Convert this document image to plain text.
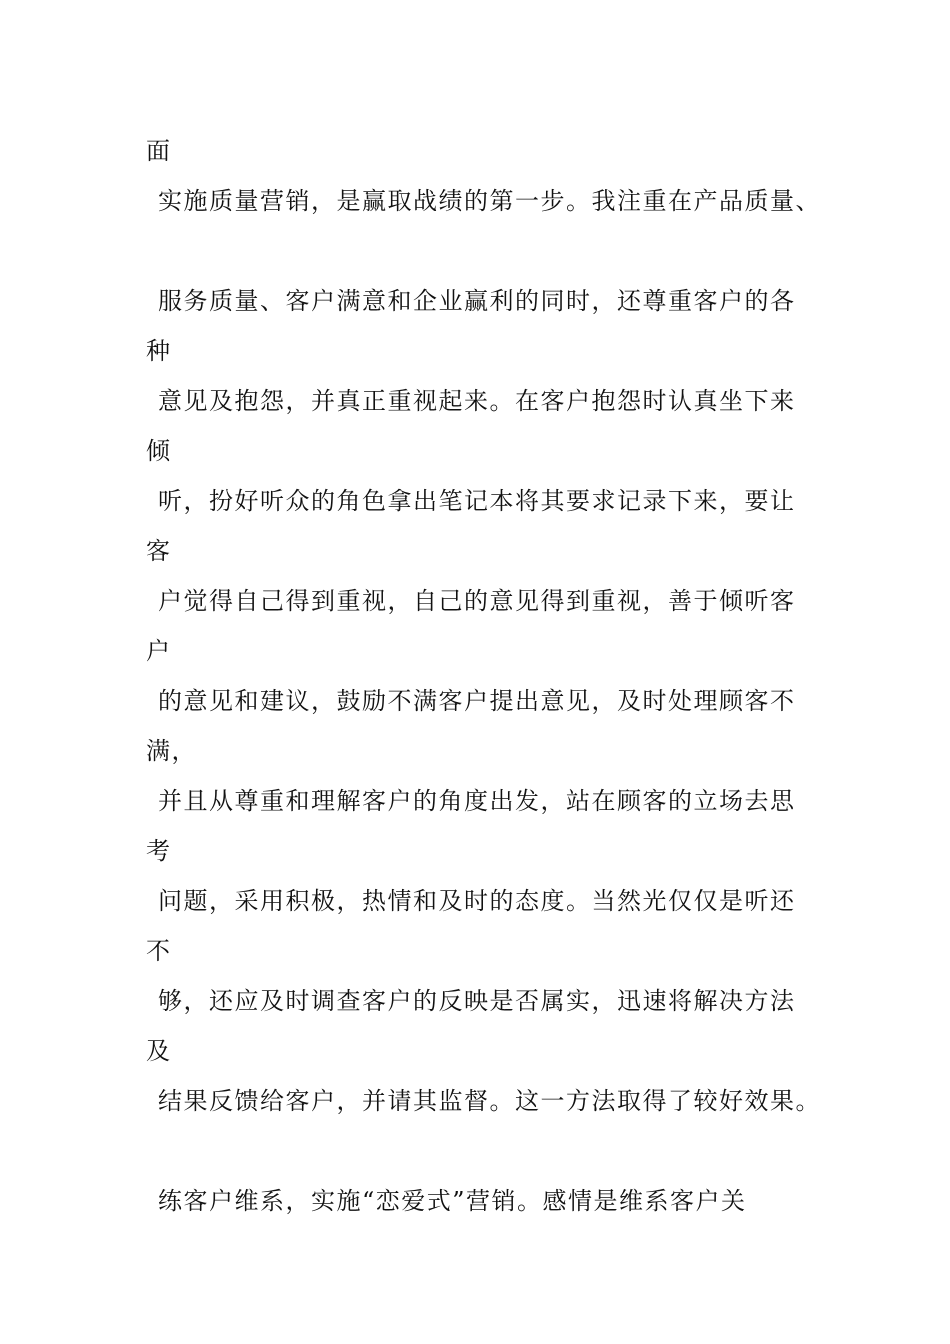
面
实施质量营销，是赢取战绩的第一步。我注重在产品质量、
服务质量、客户满意和企业赢利的同时，还尊重客户的各
种
意见及抱怨，并真正重视起来。在客户抱怨时认真坐下来
倾
听，扮好听众的角色拿出笔记本将其要求记录下来，要让
客
户觉得自己得到重视，自己的意见得到重视，善于倾听客
户
的意见和建议，鼓励不满客户提出意见，及时处理顾客不
满，
并且从尊重和理解客户的角度出发，站在顾客的立场去思
考
问题，采用积极，热情和及时的态度。当然光仅仅是听还
不
够，还应及时调查客户的反映是否属实，迅速将解决方法
及
结果反馈给客户，并请其监督。这一方法取得了较好效果。
练客户维系，实施“恋爱式”营销。感情是维系客户关
